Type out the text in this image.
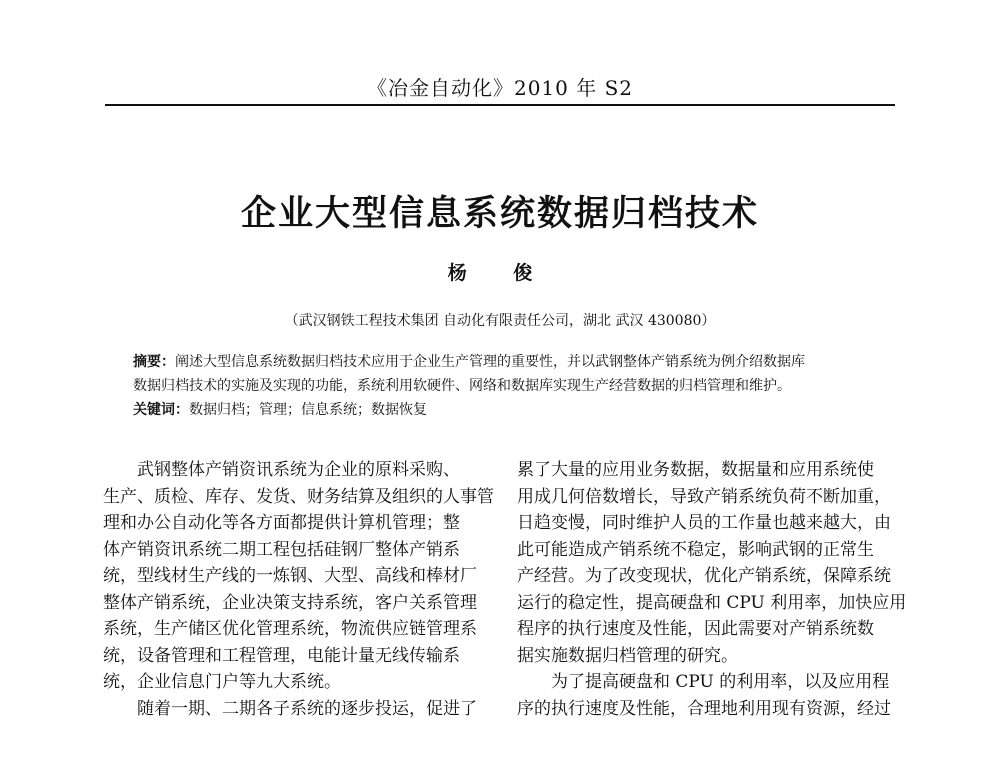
《冶金自动化》2010 年 S2
企业大型信息系统数据归档技术
杨 俊
（武汉钢铁工程技术集团 自动化有限责任公司，湖北 武汉 430080）
摘要：阐述大型信息系统数据归档技术应用于企业生产管理的重要性，并以武钢整体产销系统为例介绍数据库
数据归档技术的实施及实现的功能，系统利用软硬件、网络和数据库实现生产经营数据的归档管理和维护。
关键词：数据归档；管理；信息系统；数据恢复
武钢整体产销资讯系统为企业的原料采购、
生产、质检、库存、发货、财务结算及组织的人事管
理和办公自动化等各方面都提供计算机管理；整
体产销资讯系统二期工程包括硅钢厂整体产销系
统，型线材生产线的一炼钢、大型、高线和棒材厂
整体产销系统，企业决策支持系统，客户关系管理
系统，生产储区优化管理系统，物流供应链管理系
统，设备管理和工程管理，电能计量无线传输系
统，企业信息门户等九大系统。
随着一期、二期各子系统的逐步投运，促进了
累了大量的应用业务数据，数据量和应用系统使
用成几何倍数增长，导致产销系统负荷不断加重，
日趋变慢，同时维护人员的工作量也越来越大，由
此可能造成产销系统不稳定，影响武钢的正常生
产经营。为了改变现状，优化产销系统，保障系统
运行的稳定性，提高硬盘和 CPU 利用率，加快应用
程序的执行速度及性能，因此需要对产销系统数
据实施数据归档管理的研究。
为了提高硬盘和 CPU 的利用率，以及应用程
序的执行速度及性能，合理地利用现有资源，经过
